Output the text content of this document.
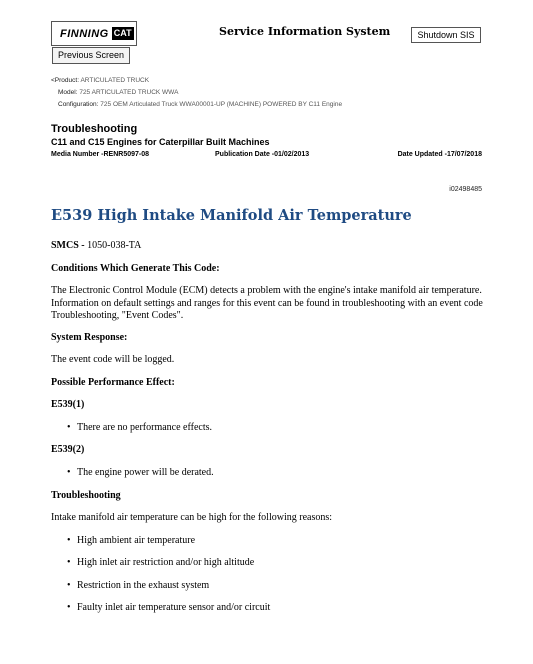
FINNING CAT
Previous Screen
Service Information System	Shutdown SIS
<Product: ARTICULATED TRUCK
Model: 725 ARTICULATED TRUCK WWA
Configuration: 725 OEM Articulated Truck WWA00001-UP (MACHINE) POWERED BY C11 Engine
Troubleshooting
C11 and C15 Engines for Caterpillar Built Machines
Media Number -RENR5097-08	Publication Date -01/02/2013	Date Updated -17/07/2018
i02498485
E539 High Intake Manifold Air Temperature
SMCS - 1050-038-TA
Conditions Which Generate This Code:
The Electronic Control Module (ECM) detects a problem with the engine's intake manifold air temperature. Information on default settings and ranges for this event can be found in troubleshooting with an event code Troubleshooting, "Event Codes".
System Response:
The event code will be logged.
Possible Performance Effect:
E539(1)
• There are no performance effects.
E539(2)
• The engine power will be derated.
Troubleshooting
Intake manifold air temperature can be high for the following reasons:
• High ambient air temperature
• High inlet air restriction and/or high altitude
• Restriction in the exhaust system
• Faulty inlet air temperature sensor and/or circuit
